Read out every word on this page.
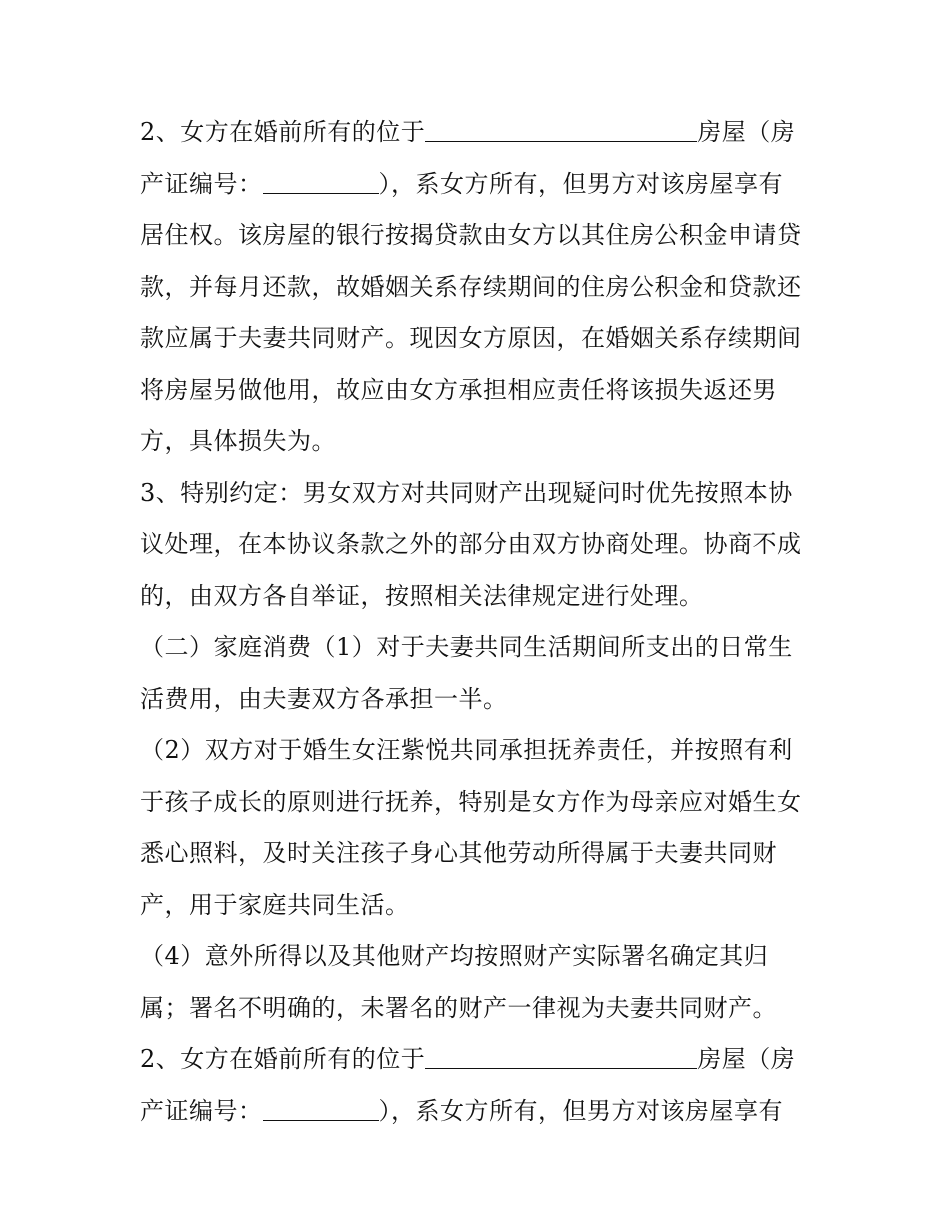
2、女方在婚前所有的位于	房屋（房
产证编号：	），系女方所有，但男方对该房屋享有
居住权。该房屋的银行按揭贷款由女方以其住房公积金申请贷
款，并每月还款，故婚姻关系存续期间的住房公积金和贷款还
款应属于夫妻共同财产。现因女方原因，在婚姻关系存续期间
将房屋另做他用，故应由女方承担相应责任将该损失返还男
方，具体损失为。
3、特别约定：男女双方对共同财产出现疑问时优先按照本协
议处理，在本协议条款之外的部分由双方协商处理。协商不成
的，由双方各自举证，按照相关法律规定进行处理。
（二）家庭消费（1）对于夫妻共同生活期间所支出的日常生
活费用，由夫妻双方各承担一半。
（2）双方对于婚生女汪紫悦共同承担抚养责任，并按照有利
于孩子成长的原则进行抚养，特别是女方作为母亲应对婚生女
悉心照料，及时关注孩子身心其他劳动所得属于夫妻共同财
产，用于家庭共同生活。
（4）意外所得以及其他财产均按照财产实际署名确定其归
属；署名不明确的，未署名的财产一律视为夫妻共同财产。
2、女方在婚前所有的位于	房屋（房
产证编号：	），系女方所有，但男方对该房屋享有
